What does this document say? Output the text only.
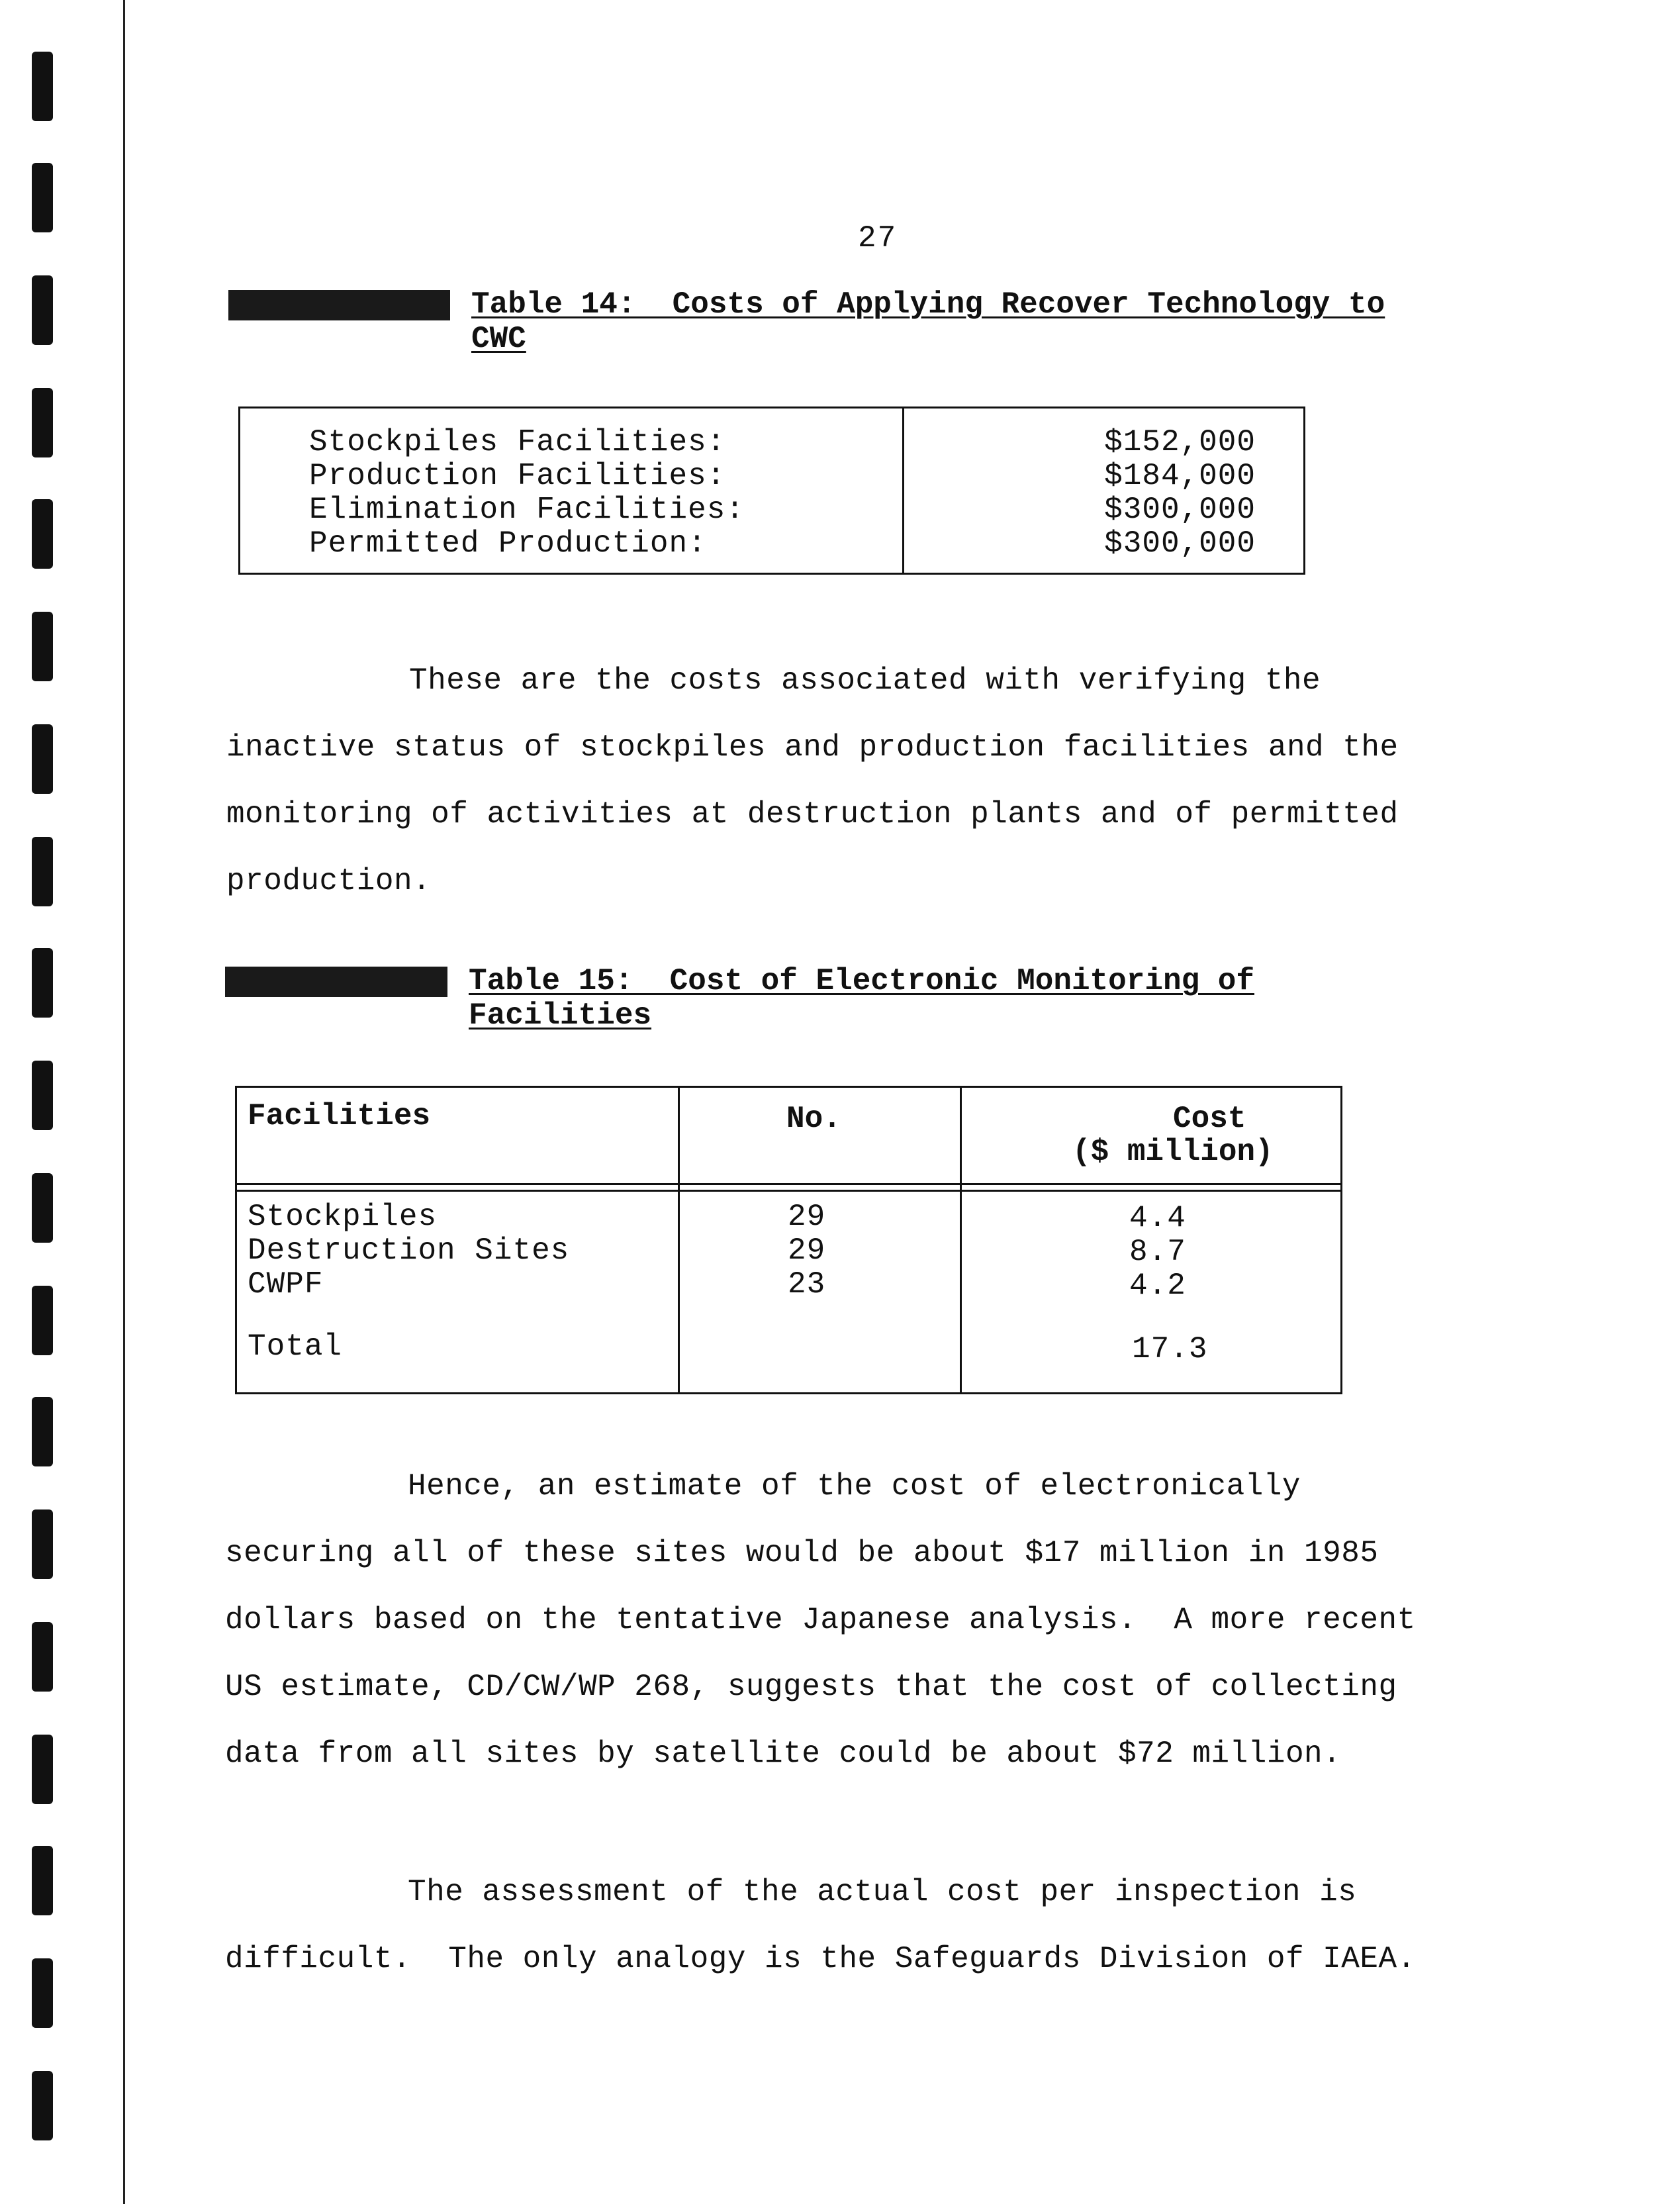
27
Table 14:  Costs of Applying Recover Technology to
CWC
Stockpiles Facilities:
Production Facilities:
Elimination Facilities:
Permitted Production:
$152,000
$184,000
$300,000
$300,000
These are the costs associated with verifying the
inactive status of stockpiles and production facilities and the
monitoring of activities at destruction plants and of permitted
production.
Table 15:  Cost of Electronic Monitoring of
Facilities
Facilities	No.	Cost
($ million)
Stockpiles
Destruction Sites
CWPF
Total
29
29
23
4.4
8.7
4.2
17.3
Hence, an estimate of the cost of electronically
securing all of these sites would be about $17 million in 1985
dollars based on the tentative Japanese analysis.  A more recent
US estimate, CD/CW/WP 268, suggests that the cost of collecting
data from all sites by satellite could be about $72 million.
The assessment of the actual cost per inspection is
difficult.  The only analogy is the Safeguards Division of IAEA.
